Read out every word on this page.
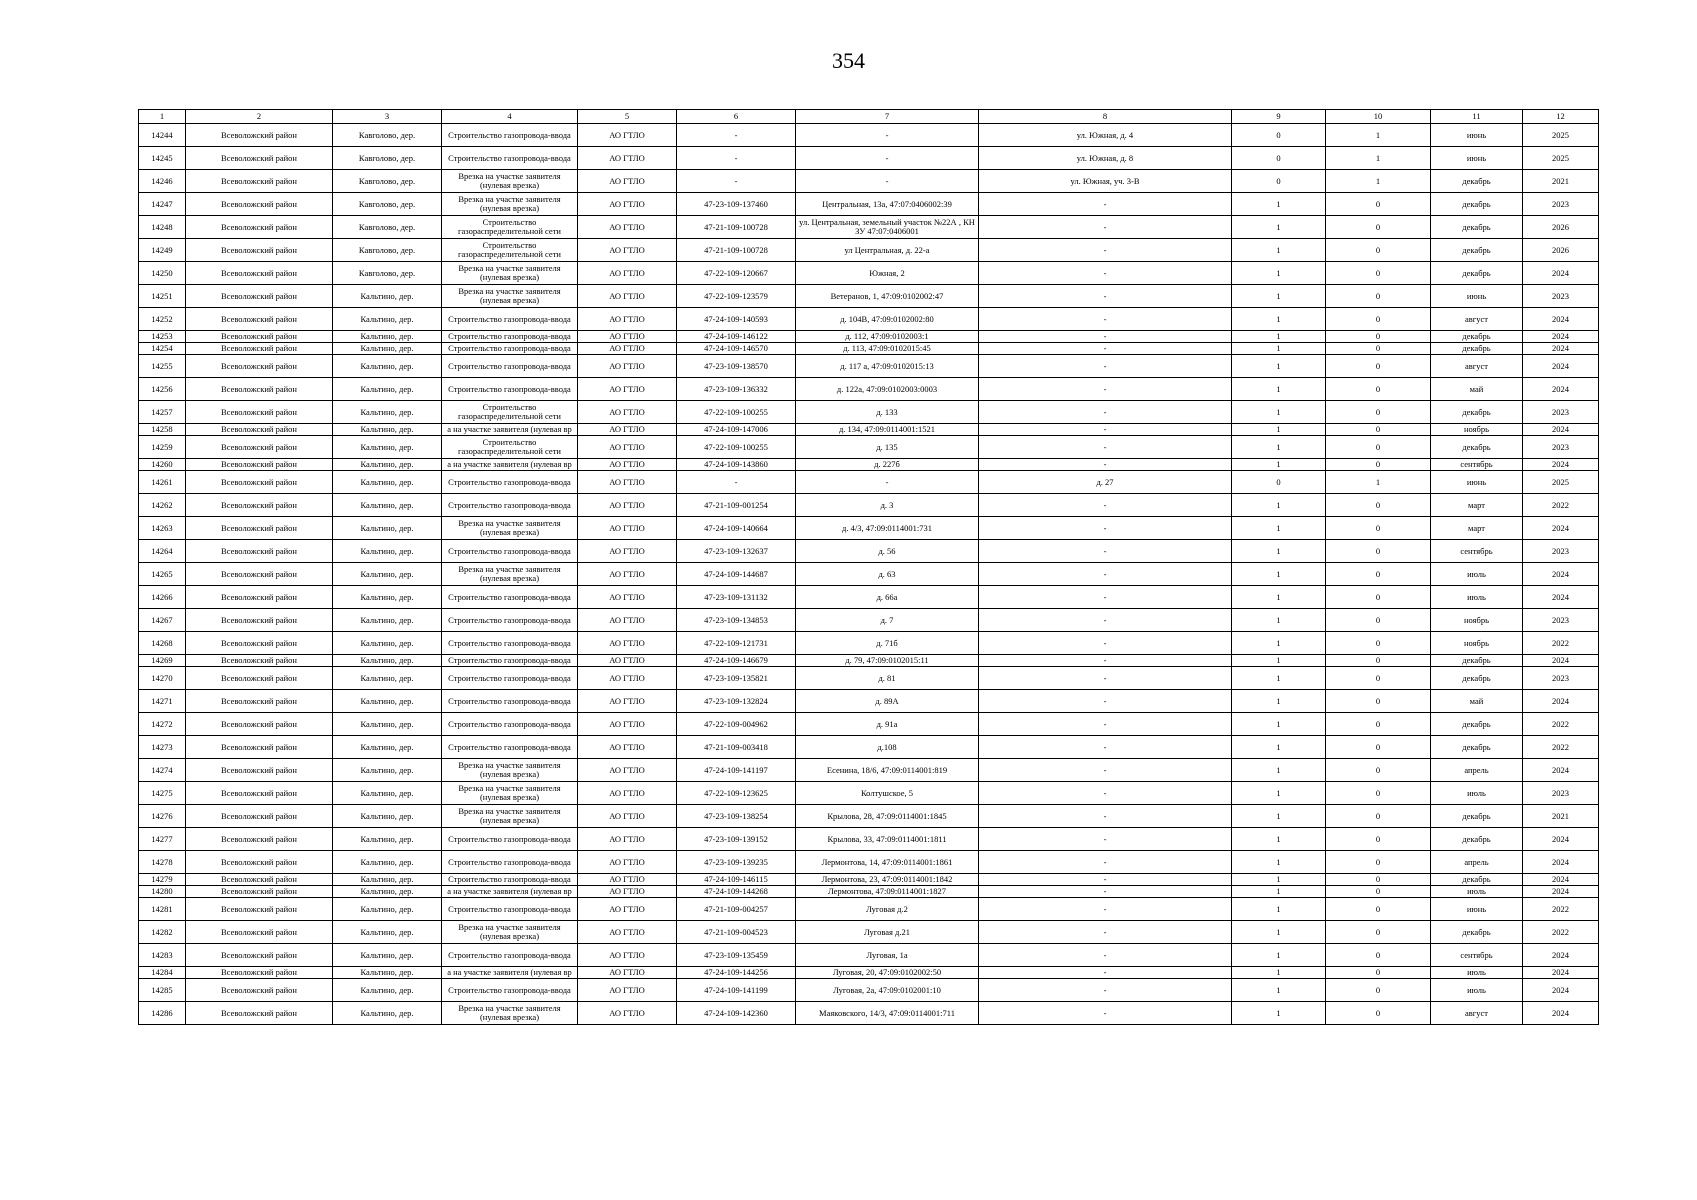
354
1	2	3	4	5	6	7	8	9	10	11	12
14244	Всеволожский район	Кавголово, дер.	Строительство газопровода-ввода	АО ГТЛО	-	-	ул. Южная, д. 4	0	1	июнь	2025
14245	Всеволожский район	Кавголово, дер.	Строительство газопровода-ввода	АО ГТЛО	-	-	ул. Южная, д. 8	0	1	июнь	2025
14246	Всеволожский район	Кавголово, дер.	Врезка на участке заявителя (нулевая врезка)	АО ГТЛО	-	-	ул. Южная, уч. 3-В	0	1	декабрь	2021
14247	Всеволожский район	Кавголово, дер.	Врезка на участке заявителя (нулевая врезка)	АО ГТЛО	47-23-109-137460	Центральная, 13а, 47:07:0406002:39	-	1	0	декабрь	2023
14248	Всеволожский район	Кавголово, дер.	Строительство газораспределительной сети	АО ГТЛО	47-21-109-100728	ул. Центральная, земельный участок №22А , КН ЗУ 47:07:0406001	-	1	0	декабрь	2026
14249	Всеволожский район	Кавголово, дер.	Строительство газораспределительной сети	АО ГТЛО	47-21-109-100728	ул Центральная, д. 22-а	-	1	0	декабрь	2026
14250	Всеволожский район	Кавголово, дер.	Врезка на участке заявителя (нулевая врезка)	АО ГТЛО	47-22-109-120667	Южная, 2	-	1	0	декабрь	2024
14251	Всеволожский район	Кальтино, дер.	Врезка на участке заявителя (нулевая врезка)	АО ГТЛО	47-22-109-123579	Ветеранов, 1, 47:09:0102002:47	-	1	0	июнь	2023
14252	Всеволожский район	Кальтино, дер.	Строительство газопровода-ввода	АО ГТЛО	47-24-109-140593	д. 104В, 47:09:0102002:80	-	1	0	август	2024
14253	Всеволожский район	Кальтино, дер.	Строительство газопровода-ввода	АО ГТЛО	47-24-109-146122	д. 112, 47:09:0102003:1	-	1	0	декабрь	2024
14254	Всеволожский район	Кальтино, дер.	Строительство газопровода-ввода	АО ГТЛО	47-24-109-146570	д. 113, 47:09:0102015:45	-	1	0	декабрь	2024
14255	Всеволожский район	Кальтино, дер.	Строительство газопровода-ввода	АО ГТЛО	47-23-109-138570	д. 117 а, 47:09:0102015:13	-	1	0	август	2024
14256	Всеволожский район	Кальтино, дер.	Строительство газопровода-ввода	АО ГТЛО	47-23-109-136332	д. 122а, 47:09:0102003:0003	-	1	0	май	2024
14257	Всеволожский район	Кальтино, дер.	Строительство газораспределительной сети	АО ГТЛО	47-22-109-100255	д. 133	-	1	0	декабрь	2023
14258	Всеволожский район	Кальтино, дер.	а на участке заявителя (нулевая вр	АО ГТЛО	47-24-109-147006	д. 134, 47:09:0114001:1521	-	1	0	ноябрь	2024
14259	Всеволожский район	Кальтино, дер.	Строительство газораспределительной сети	АО ГТЛО	47-22-109-100255	д. 135	-	1	0	декабрь	2023
14260	Всеволожский район	Кальтино, дер.	а на участке заявителя (нулевая вр	АО ГТЛО	47-24-109-143860	д. 227б	-	1	0	сентябрь	2024
14261	Всеволожский район	Кальтино, дер.	Строительство газопровода-ввода	АО ГТЛО	-	-	д. 27	0	1	июнь	2025
14262	Всеволожский район	Кальтино, дер.	Строительство газопровода-ввода	АО ГТЛО	47-21-109-001254	д. 3	-	1	0	март	2022
14263	Всеволожский район	Кальтино, дер.	Врезка на участке заявителя (нулевая врезка)	АО ГТЛО	47-24-109-140664	д. 4/3, 47:09:0114001:731	-	1	0	март	2024
14264	Всеволожский район	Кальтино, дер.	Строительство газопровода-ввода	АО ГТЛО	47-23-109-132637	д. 56	-	1	0	сентябрь	2023
14265	Всеволожский район	Кальтино, дер.	Врезка на участке заявителя (нулевая врезка)	АО ГТЛО	47-24-109-144687	д. 63	-	1	0	июль	2024
14266	Всеволожский район	Кальтино, дер.	Строительство газопровода-ввода	АО ГТЛО	47-23-109-131132	д. 66а	-	1	0	июль	2024
14267	Всеволожский район	Кальтино, дер.	Строительство газопровода-ввода	АО ГТЛО	47-23-109-134853	д. 7	-	1	0	ноябрь	2023
14268	Всеволожский район	Кальтино, дер.	Строительство газопровода-ввода	АО ГТЛО	47-22-109-121731	д. 71б	-	1	0	ноябрь	2022
14269	Всеволожский район	Кальтино, дер.	Строительство газопровода-ввода	АО ГТЛО	47-24-109-146679	д. 79, 47:09:0102015:11	-	1	0	декабрь	2024
14270	Всеволожский район	Кальтино, дер.	Строительство газопровода-ввода	АО ГТЛО	47-23-109-135821	д. 81	-	1	0	декабрь	2023
14271	Всеволожский район	Кальтино, дер.	Строительство газопровода-ввода	АО ГТЛО	47-23-109-132824	д. 89А	-	1	0	май	2024
14272	Всеволожский район	Кальтино, дер.	Строительство газопровода-ввода	АО ГТЛО	47-22-109-004962	д. 91а	-	1	0	декабрь	2022
14273	Всеволожский район	Кальтино, дер.	Строительство газопровода-ввода	АО ГТЛО	47-21-109-003418	д.108	-	1	0	декабрь	2022
14274	Всеволожский район	Кальтино, дер.	Врезка на участке заявителя (нулевая врезка)	АО ГТЛО	47-24-109-141197	Есенина, 18/6, 47:09:0114001:819	-	1	0	апрель	2024
14275	Всеволожский район	Кальтино, дер.	Врезка на участке заявителя (нулевая врезка)	АО ГТЛО	47-22-109-123625	Колтушское, 5	-	1	0	июль	2023
14276	Всеволожский район	Кальтино, дер.	Врезка на участке заявителя (нулевая врезка)	АО ГТЛО	47-23-109-138254	Крылова, 28, 47:09:0114001:1845	-	1	0	декабрь	2021
14277	Всеволожский район	Кальтино, дер.	Строительство газопровода-ввода	АО ГТЛО	47-23-109-139152	Крылова, 33, 47:09:0114001:1811	-	1	0	декабрь	2024
14278	Всеволожский район	Кальтино, дер.	Строительство газопровода-ввода	АО ГТЛО	47-23-109-139235	Лермонтова, 14, 47:09:0114001:1861	-	1	0	апрель	2024
14279	Всеволожский район	Кальтино, дер.	Строительство газопровода-ввода	АО ГТЛО	47-24-109-146115	Лермонтова, 23, 47:09:0114001:1842	-	1	0	декабрь	2024
14280	Всеволожский район	Кальтино, дер.	а на участке заявителя (нулевая вр	АО ГТЛО	47-24-109-144268	Лермонтова, 47:09:0114001:1827	-	1	0	июль	2024
14281	Всеволожский район	Кальтино, дер.	Строительство газопровода-ввода	АО ГТЛО	47-21-109-004257	Луговая д.2	-	1	0	июнь	2022
14282	Всеволожский район	Кальтино, дер.	Врезка на участке заявителя (нулевая врезка)	АО ГТЛО	47-21-109-004523	Луговая д.21	-	1	0	декабрь	2022
14283	Всеволожский район	Кальтино, дер.	Строительство газопровода-ввода	АО ГТЛО	47-23-109-135459	Луговая, 1а	-	1	0	сентябрь	2024
14284	Всеволожский район	Кальтино, дер.	а на участке заявителя (нулевая вр	АО ГТЛО	47-24-109-144256	Луговая, 20, 47:09:0102002:50	-	1	0	июль	2024
14285	Всеволожский район	Кальтино, дер.	Строительство газопровода-ввода	АО ГТЛО	47-24-109-141199	Луговая, 2а, 47:09:0102001:10	-	1	0	июль	2024
14286	Всеволожский район	Кальтино, дер.	Врезка на участке заявителя (нулевая врезка)	АО ГТЛО	47-24-109-142360	Маяковского, 14/3, 47:09:0114001:711	-	1	0	август	2024
